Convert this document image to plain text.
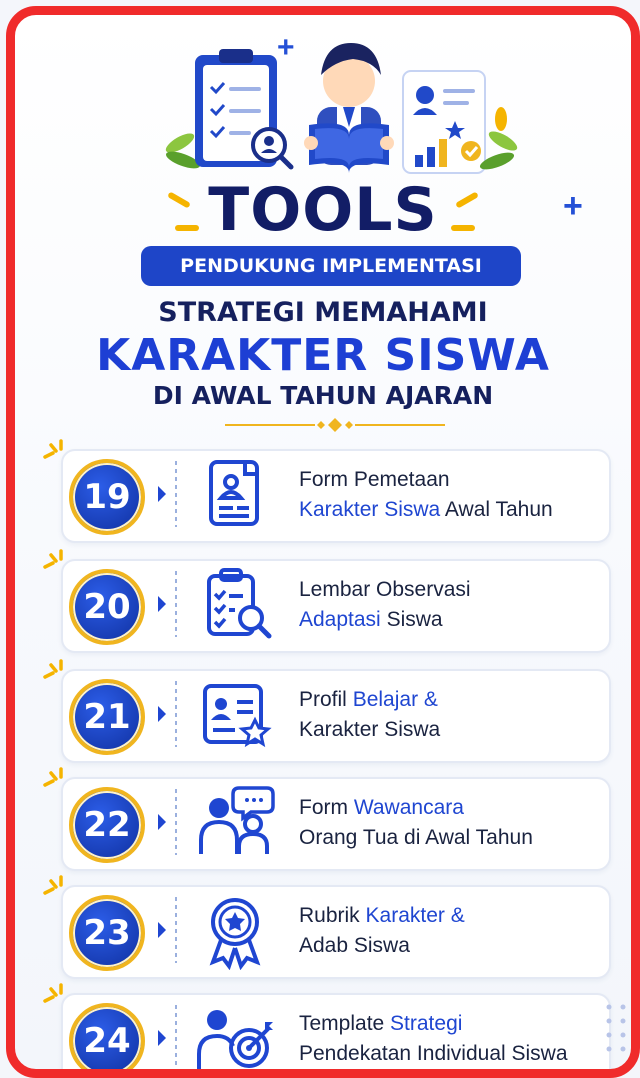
+
+
TOOLS
PENDUKUNG IMPLEMENTASI
STRATEGI MEMAHAMI
KARAKTER SISWA
DI AWAL TAHUN AJARAN
19	Form Pemetaan
Karakter Siswa Awal Tahun
20	Lembar Observasi
Adaptasi Siswa
21	Profil Belajar &
Karakter Siswa
22	Form Wawancara
Orang Tua di Awal Tahun
23	Rubrik Karakter &
Adab Siswa
24	Template Strategi
Pendekatan Individual Siswa
